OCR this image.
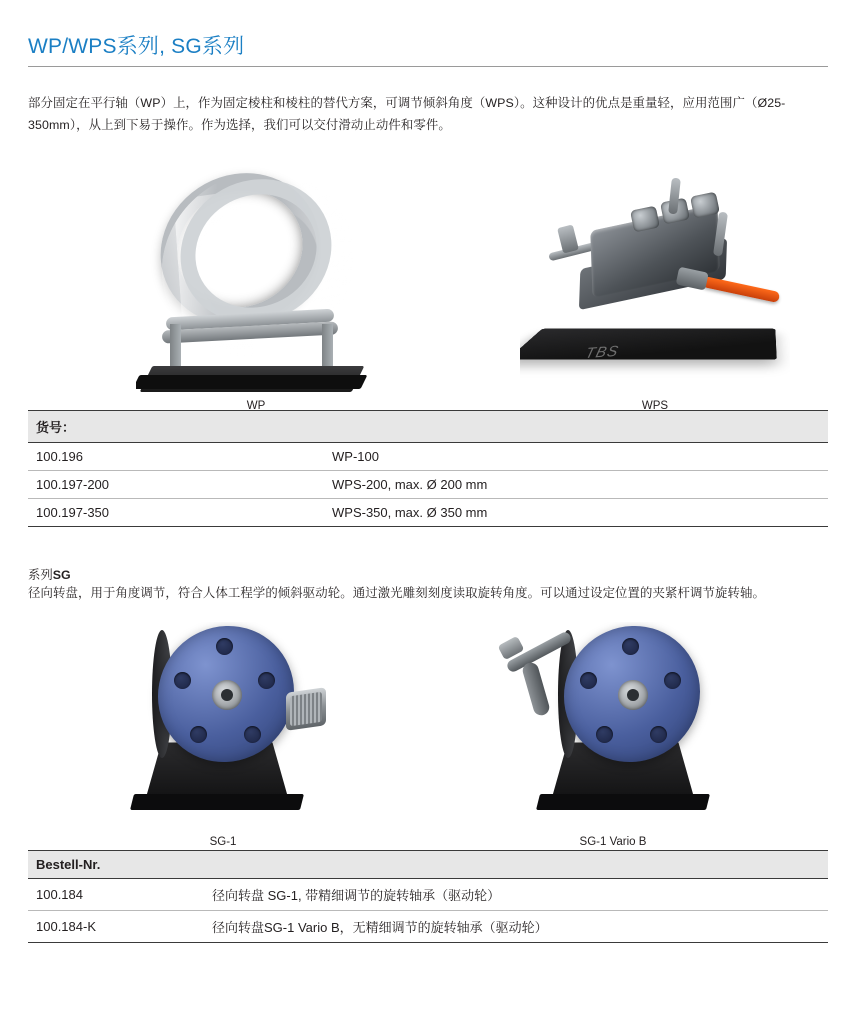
WP/WPS系列, SG系列
部分固定在平行轴（WP）上，作为固定棱柱和棱柱的替代方案，可调节倾斜角度（WPS）。这种设计的优点是重量轻，应用范围广（Ø25-350mm），从上到下易于操作。作为选择，我们可以交付滑动止动件和零件。
WP
TBS
WPS
货号：	
100.196	WP-100
100.197-200	WPS-200, max. Ø 200 mm
100.197-350	WPS-350, max. Ø 350 mm
系列SG
径向转盘，用于角度调节，符合人体工程学的倾斜驱动轮。通过激光雕刻刻度读取旋转角度。可以通过设定位置的夹紧杆调节旋转轴。
SG-1	SG-1 Vario B
Bestell-Nr.	
100.184	径向转盘 SG-1, 带精细调节的旋转轴承（驱动轮）
100.184-K	径向转盘SG-1 Vario B，无精细调节的旋转轴承（驱动轮）
